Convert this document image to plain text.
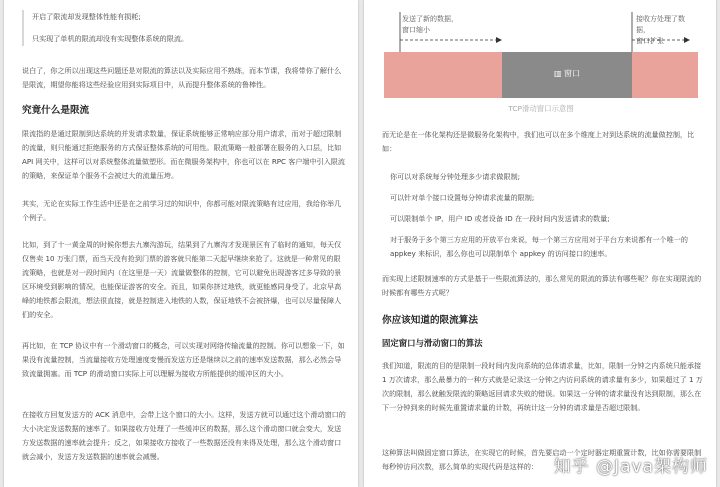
开启了限流却发现整体性能有损耗;

只实现了单机的限流却没有实现整体系统的限流。

说白了，你之所以出现这些问题还是对限流的算法以及实际应用不熟练，而本节课，我将带你了解什么是限流，期望你能将这些经验应用到实际项目中，从而提升整体系统的鲁棒性。

究竟什么是限流

限流指的是通过限制到达系统的并发请求数量，保证系统能够正常响应部分用户请求，而对于超过限制的流量，则只能通过拒绝服务的方式保证整体系统的可用性。限流策略一般部署在服务的入口层，比如 API 网关中，这样可以对系统整体流量做塑形。而在微服务架构中，你也可以在 RPC 客户端中引入限流的策略，来保证单个服务不会被过大的流量压垮。

其实，无论在实际工作生活中还是在之前学习过的知识中，你都可能对限流策略有过应用，我给你举几个例子。

比如，到了十一黄金周的时候你想去九寨沟游玩，结果到了九寨沟才发现景区有了临时的通知，每天仅仅售卖 10 万张门票，而当天没有抢到门票的游客就只能第二天起早继续来抢了。这就是一种常见的限流策略，也就是对一段时间内（在这里是一天）流量做整体的控制，它可以避免出现游客过多导致的景区环境受到影响的情况，也能保证游客的安全。而且，如果你挤过地铁，就更能感同身受了。北京早高峰的地铁都会限流，想法很直接，就是控制进入地铁的人数，保证地铁不会被挤爆，也可以尽量保障人们的安全。

再比如，在 TCP 协议中有一个滑动窗口的概念，可以实现对网络传输流量的控制。你可以想象一下，如果没有流量控制，当流量接收方处理速度变慢而发送方还是继续以之前的速率发送数据，那么必然会导致流量拥塞。而 TCP 的滑动窗口实际上可以理解为接收方所能提供的缓冲区的大小。

在接收方回复发送方的 ACK 消息中，会带上这个窗口的大小。这样，发送方就可以通过这个滑动窗口的大小决定发送数据的速率了。如果接收方处理了一些缓冲区的数据，那么这个滑动窗口就会变大，发送方发送数据的速率就会提升；反之，如果接收方接收了一些数据还没有来得及处理，那么这个滑动窗口就会减小，发送方发送数据的速率就会减慢。

发送了新的数据，
窗口缩小
接收方处理了数据，
窗口扩张
▥ 窗口
TCP滑动窗口示意图

而无论是在一体化架构还是微服务化架构中，我们也可以在多个维度上对到达系统的流量做控制，比如：

你可以对系统每分钟处理多少请求做限制;
可以针对单个接口设置每分钟请求流量的限制;
可以限制单个 IP、用户 ID 或者设备 ID 在一段时间内发送请求的数量;
对于服务于多个第三方应用的开放平台来说，每一个第三方应用对于平台方来说都有一个唯一的 appkey 来标识，那么你也可以限制单个 appkey 的访问接口的速率。

而实现上述限制速率的方式是基于一些限流算法的，那么常见的限流的算法有哪些呢？你在实现限流的时候都有哪些方式呢？

你应该知道的限流算法
固定窗口与滑动窗口的算法

我们知道，限流的目的是限制一段时间内发向系统的总体请求量，比如，限制一分钟之内系统只能承接 1 万次请求，那么最暴力的一种方式就是记录这一分钟之内访问系统的请求量有多少，如果超过了 1 万次的限制，那么就触发限流的策略返回请求失败的错误。如果这一分钟的请求量没有达到限制，那么在下一分钟到来的时候先重置请求量的计数，再统计这一分钟的请求量是否超过限制。

这种算法叫做固定窗口算法，在实现它的时候，首先要启动一个定时器定期重置计数，比如你需要限制每秒钟访问次数，那么简单的实现代码是这样的： 知乎 @Java架构师
